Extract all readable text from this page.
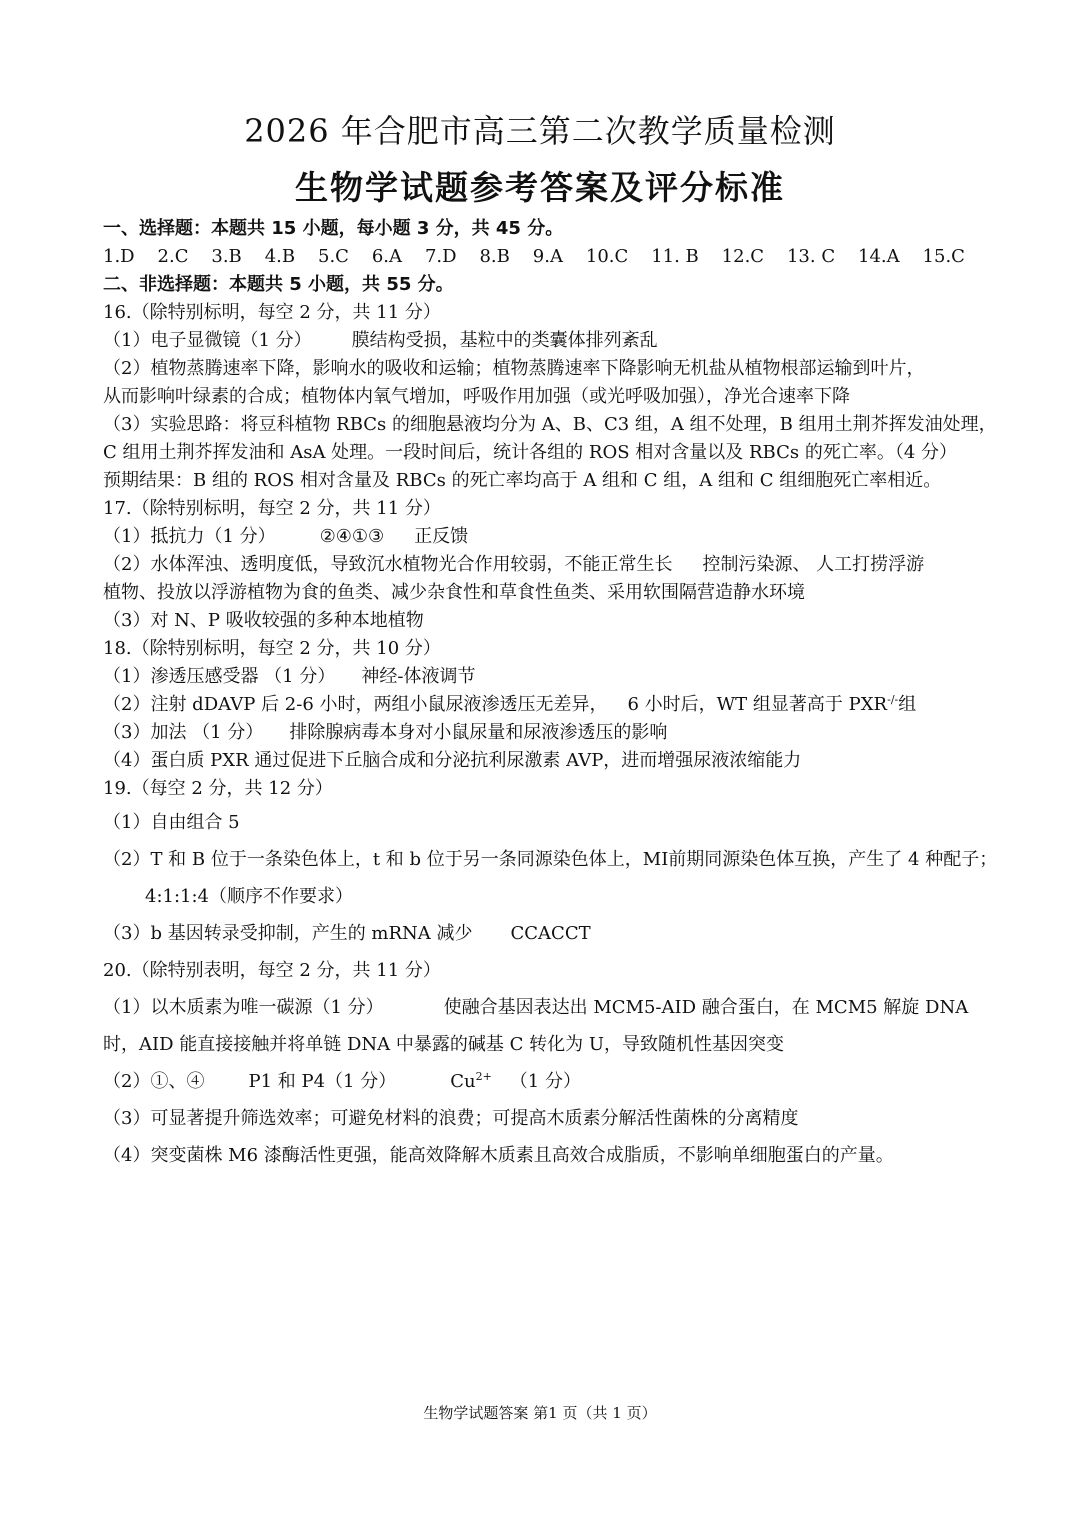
2026 年合肥市高三第二次教学质量检测
生物学试题参考答案及评分标准
一、选择题：本题共 15 小题，每小题 3 分，共 45 分。
1.D 2.C 3.B 4.B 5.C 6.A 7.D 8.B 9.A 10.C 11. B 12.C 13. C 14.A 15.C
二、非选择题：本题共 5 小题，共 55 分。
16.（除特别标明，每空 2 分，共 11 分）
（1）电子显微镜（1 分） 膜结构受损，基粒中的类囊体排列紊乱
（2）植物蒸腾速率下降，影响水的吸收和运输；植物蒸腾速率下降影响无机盐从植物根部运输到叶片，
从而影响叶绿素的合成；植物体内氧气增加，呼吸作用加强（或光呼吸加强），净光合速率下降
（3）实验思路：将豆科植物 RBCs 的细胞悬液均分为 A、B、C3 组，A 组不处理，B 组用土荆芥挥发油处理，
C 组用土荆芥挥发油和 AsA 处理。一段时间后，统计各组的 ROS 相对含量以及 RBCs 的死亡率。（4 分）
预期结果：B 组的 ROS 相对含量及 RBCs 的死亡率均高于 A 组和 C 组，A 组和 C 组细胞死亡率相近。
17.（除特别标明，每空 2 分，共 11 分）
（1）抵抗力（1 分） ②④①③ 正反馈
（2）水体浑浊、透明度低，导致沉水植物光合作用较弱，不能正常生长 控制污染源、 人工打捞浮游
植物、投放以浮游植物为食的鱼类、减少杂食性和草食性鱼类、采用软围隔营造静水环境
（3）对 N、P 吸收较强的多种本地植物
18.（除特别标明，每空 2 分，共 10 分）
（1）渗透压感受器 （1 分） 神经-体液调节
（2）注射 dDAVP 后 2-6 小时，两组小鼠尿液渗透压无差异， 6 小时后，WT 组显著高于 PXR-/-组
（3）加法 （1 分） 排除腺病毒本身对小鼠尿量和尿液渗透压的影响
（4）蛋白质 PXR 通过促进下丘脑合成和分泌抗利尿激素 AVP，进而增强尿液浓缩能力
19.（每空 2 分，共 12 分）
（1）自由组合 5
（2）T 和 B 位于一条染色体上，t 和 b 位于另一条同源染色体上，MⅠ前期同源染色体互换，产生了 4 种配子；
4:1:1:4（顺序不作要求）
（3）b 基因转录受抑制，产生的 mRNA 减少 CCACCT
20.（除特别表明，每空 2 分，共 11 分）
（1）以木质素为唯一碳源（1 分）	使融合基因表达出 MCM5-AID 融合蛋白，在 MCM5 解旋 DNA
时，AID 能直接接触并将单链 DNA 中暴露的碱基 C 转化为 U，导致随机性基因突变
（2）①、④ P1 和 P4（1 分）	$Cu^{2+}$ （1 分）
（3）可显著提升筛选效率；可避免材料的浪费；可提高木质素分解活性菌株的分离精度
（4）突变菌株 M6 漆酶活性更强，能高效降解木质素且高效合成脂质，不影响单细胞蛋白的产量。
生物学试题答案 第1 页（共 1 页）
